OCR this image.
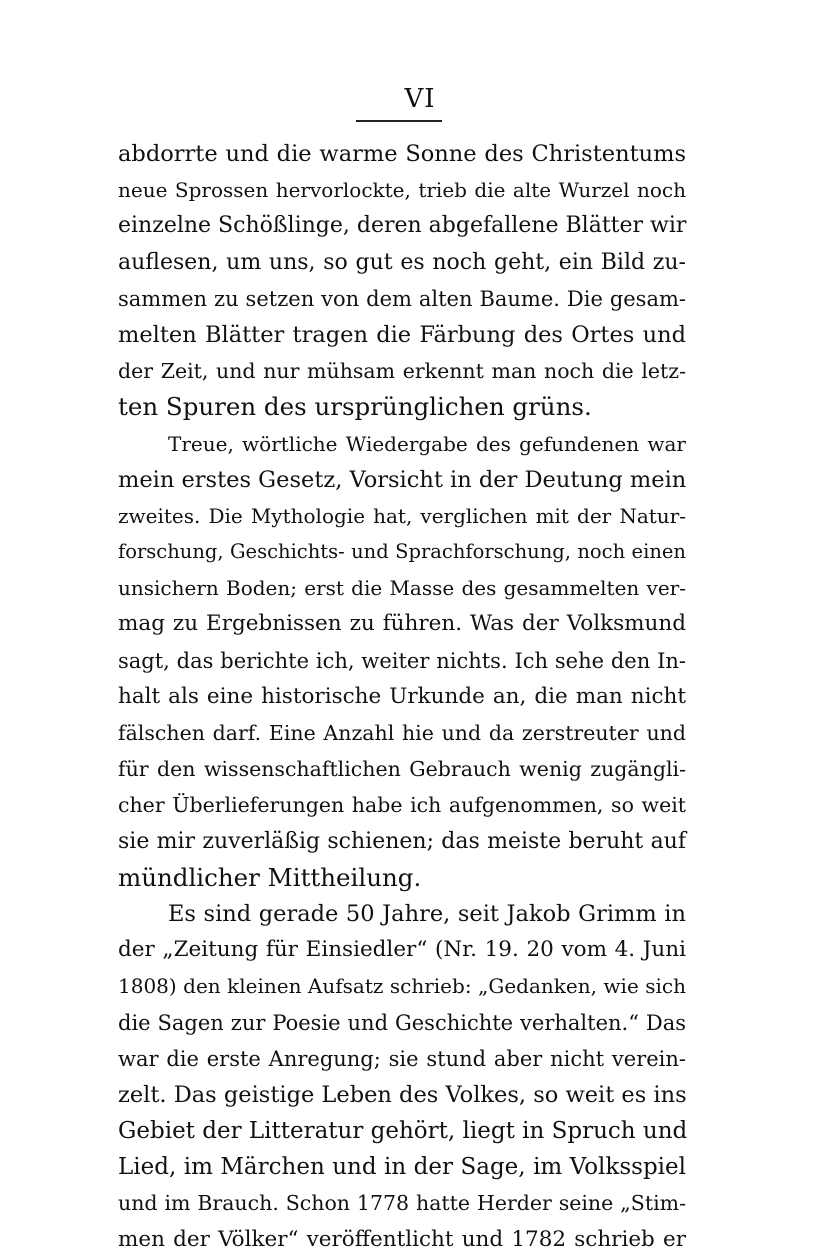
VI
abdorrte und die warme Sonne des Christentums
neue Sprossen hervorlockte, trieb die alte Wurzel noch
einzelne Schößlinge, deren abgefallene Blätter wir
auflesen, um uns, so gut es noch geht, ein Bild zu-
sammen zu setzen von dem alten Baume. Die gesam-
melten Blätter tragen die Färbung des Ortes und
der Zeit, und nur mühsam erkennt man noch die letz-
ten Spuren des ursprünglichen grüns.
Treue, wörtliche Wiedergabe des gefundenen war
mein erstes Gesetz, Vorsicht in der Deutung mein
zweites. Die Mythologie hat, verglichen mit der Natur-
forschung, Geschichts- und Sprachforschung, noch einen
unsichern Boden; erst die Masse des gesammelten ver-
mag zu Ergebnissen zu führen. Was der Volksmund
sagt, das berichte ich, weiter nichts. Ich sehe den In-
halt als eine historische Urkunde an, die man nicht
fälschen darf. Eine Anzahl hie und da zerstreuter und
für den wissenschaftlichen Gebrauch wenig zugängli-
cher Überlieferungen habe ich aufgenommen, so weit
sie mir zuverläßig schienen; das meiste beruht auf
mündlicher Mittheilung.
Es sind gerade 50 Jahre, seit Jakob Grimm in
der „Zeitung für Einsiedler“ (Nr. 19. 20 vom 4. Juni
1808) den kleinen Aufsatz schrieb: „Gedanken, wie sich
die Sagen zur Poesie und Geschichte verhalten.“ Das
war die erste Anregung; sie stund aber nicht verein-
zelt. Das geistige Leben des Volkes, so weit es ins
Gebiet der Litteratur gehört, liegt in Spruch und
Lied, im Märchen und in der Sage, im Volksspiel
und im Brauch. Schon 1778 hatte Herder seine „Stim-
men der Völker“ veröffentlicht und 1782 schrieb er
